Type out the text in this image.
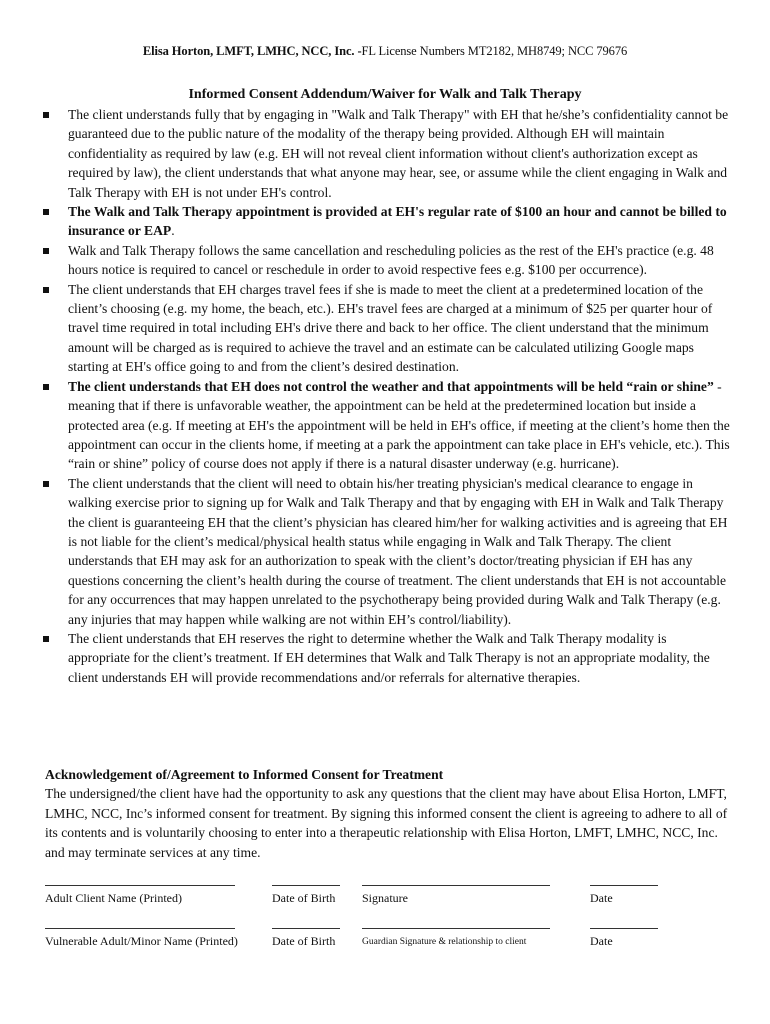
Elisa Horton, LMFT, LMHC, NCC, Inc. -FL License Numbers MT2182, MH8749; NCC 79676
Informed Consent Addendum/Waiver for Walk and Talk Therapy
The client understands fully that by engaging in "Walk and Talk Therapy" with EH that he/she’s confidentiality cannot be guaranteed due to the public nature of the modality of the therapy being provided. Although EH will maintain confidentiality as required by law (e.g. EH will not reveal client information without client's authorization except as required by law), the client understands that what anyone may hear, see, or assume while the client engaging in Walk and Talk Therapy with EH is not under EH's control.
The Walk and Talk Therapy appointment is provided at EH's regular rate of $100 an hour and cannot be billed to insurance or EAP.
Walk and Talk Therapy follows the same cancellation and rescheduling policies as the rest of the EH's practice (e.g. 48 hours notice is required to cancel or reschedule in order to avoid respective fees e.g. $100 per occurrence).
The client understands that EH charges travel fees if she is made to meet the client at a predetermined location of the client’s choosing (e.g. my home, the beach, etc.). EH's travel fees are charged at a minimum of $25 per quarter hour of travel time required in total including EH's drive there and back to her office. The client understand that the minimum amount will be charged as is required to achieve the travel and an estimate can be calculated utilizing Google maps starting at EH's office going to and from the client’s desired destination.
The client understands that EH does not control the weather and that appointments will be held “rain or shine” - meaning that if there is unfavorable weather, the appointment can be held at the predetermined location but inside a protected area (e.g. If meeting at EH's the appointment will be held in EH's office, if meeting at the client’s home then the appointment can occur in the clients home, if meeting at a park the appointment can take place in EH's vehicle, etc.). This “rain or shine” policy of course does not apply if there is a natural disaster underway (e.g. hurricane).
The client understands that the client will need to obtain his/her treating physician's medical clearance to engage in walking exercise prior to signing up for Walk and Talk Therapy and that by engaging with EH in Walk and Talk Therapy the client is guaranteeing EH that the client’s physician has cleared him/her for walking activities and is agreeing that EH is not liable for the client’s medical/physical health status while engaging in Walk and Talk Therapy. The client understands that EH may ask for an authorization to speak with the client’s doctor/treating physician if EH has any questions concerning the client’s health during the course of treatment. The client understands that EH is not accountable for any occurrences that may happen unrelated to the psychotherapy being provided during Walk and Talk Therapy (e.g. any injuries that may happen while walking are not within EH’s control/liability).
The client understands that EH reserves the right to determine whether the Walk and Talk Therapy modality is appropriate for the client’s treatment. If EH determines that Walk and Talk Therapy is not an appropriate modality, the client understands EH will provide recommendations and/or referrals for alternative therapies.
Acknowledgement of/Agreement to Informed Consent for Treatment
The undersigned/the client have had the opportunity to ask any questions that the client may have about Elisa Horton, LMFT, LMHC, NCC, Inc’s informed consent for treatment. By signing this informed consent the client is agreeing to adhere to all of its contents and is voluntarily choosing to enter into a therapeutic relationship with Elisa Horton, LMFT, LMHC, NCC, Inc. and may terminate services at any time.
Adult Client Name (Printed)	Date of Birth Signature	Date
Vulnerable Adult/Minor Name (Printed)	Date of Birth	Guardian Signature & relationship to client	Date
